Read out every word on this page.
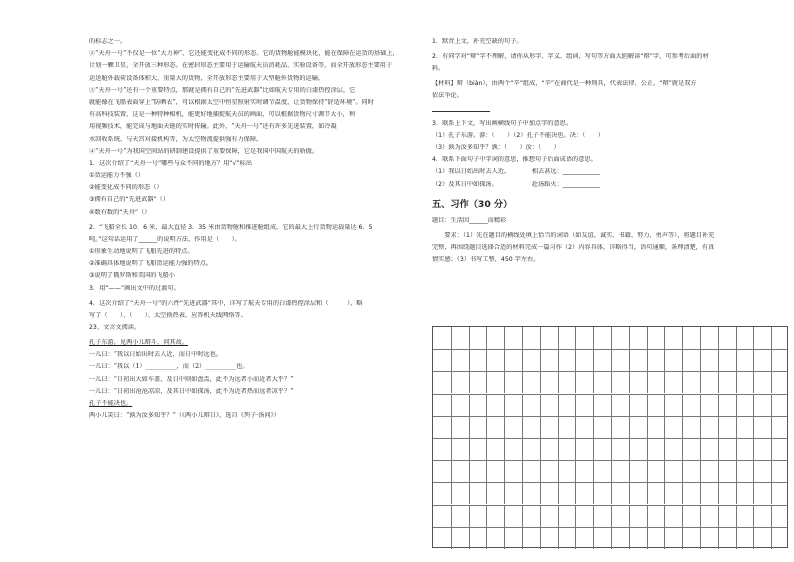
的标志之一。
②“天舟一号”不仅是一位“大力神”，它还能变化成不同的形态。它的货物舱能模块化，能在保障在运货的基础上，
计划一颗卫星，全开放三种形态。在密封形态主要用于运输航天员消耗品、实验设备等，而全开放形态主要用于
运送舱外载荷设备体积大、重量大的货物，全开放形态主要用于大型舱外货物的运输。
③“天舟一号”还有一个重要特点，那就是拥有自己的“先进武器”比如航天专用的白漆热控涂层，它
就能像在飞船表面穿上“防晒衣”，可以根据太空中恒星照射实时调节温度，让货物保持“舒适环境”。同时
有高科技装置，这是一种特种相机，能更好地捕捉航天员的画面，可以根据货物尺寸调节大小，利
用视频技术，能完成与地面天链的实时传输。此外，“天舟一号”还有许多先进装置，如冷凝
水回收系统、与天宫对接机构等，为太空物流提供强有力保障。
④“天舟一号”为我国空间站的研制建设提供了重要保障，它是我国中国航天的骄傲。
1．这次介绍了“天舟一号”哪些与众不同的地方？用“√”标出
①货运能力不强（）
②能变化成不同的形态（）
③拥有自己的“先进武器”（）
④数有数的“天舟”（）
2．“飞船全长 10．6 米，最大直径 3．35 米由货物舱和推进舱组成，它的最大上行货物运载量达 6．5
吨。”这句话运用了______的说明方法，作用是（　　）。
①形象生动地说明了飞船先进的特点。
②准确具体地说明了飞船货运能力强的特点。
③说明了俄罗斯和美国的飞船小
3．用“——”画出文中的过渡句。
4．这次介绍了“天舟一号”的六件“先进武器”其中，详写了航天专用的白漆热控涂层和（　　　），略
写了（　　）、（　　）、太空换热表、应答机天线网络等。
23、文言文阅读。
孔子东游，见两小儿辩斗，问其故。
一儿曰：“我以日始出时去人近，而日中时远也。
一儿曰：“我以（1）__________，而（2）__________也。
一儿曰：“日初出大如车盖，及日中则如盘盂，此不为远者小而近者大乎？”
一儿曰：“日初出沧沧凉凉，及其日中如探汤，此不为近者热而远者凉乎？”
孔子不能决也。
两小儿笑曰：“孰为汝多知乎？”（《两小儿辩日》，选自《列子·汤问》）
1．默背上文，补充空缺的句子。
2．有同学对“辩”字不理解，请你从形字、字义、组词、写句等方面大胆解读“辩”字，可参考后面的材
料。
【材料】辩（biàn），由两个“辛”组成，“辛”在商代是一种刑具，代表法律、公正。“辩”就是双方
依法争论。
3．联系上下文，写出画横线句子中加点字的意思。
（1）孔子东游。游：（　　）（2）孔子不能决也。决：（　　）
（3）孰为汝多知乎？孰：（　　）汝：（　　）
4．联系下面句子中字词的意思，推想句子后面成语的意思。
（1）我以日始出时去人近。　　　　相去甚远：____________
（2）及其日中如探汤。　　　　　　赴汤蹈火：____________
五、习作（30 分）
题目：生活因______而精彩
　　要求：（1）先在题目的横线处填上恰当的词语（如友谊、诚实、书籍、努力、勇声等），将题目补充
完整，再围绕题目选择合适的材料完成一篇习作（2）内容具体，详略得当，语句通顺，条理清楚，有真
情实感；（3）书写工整，450 字左右。
